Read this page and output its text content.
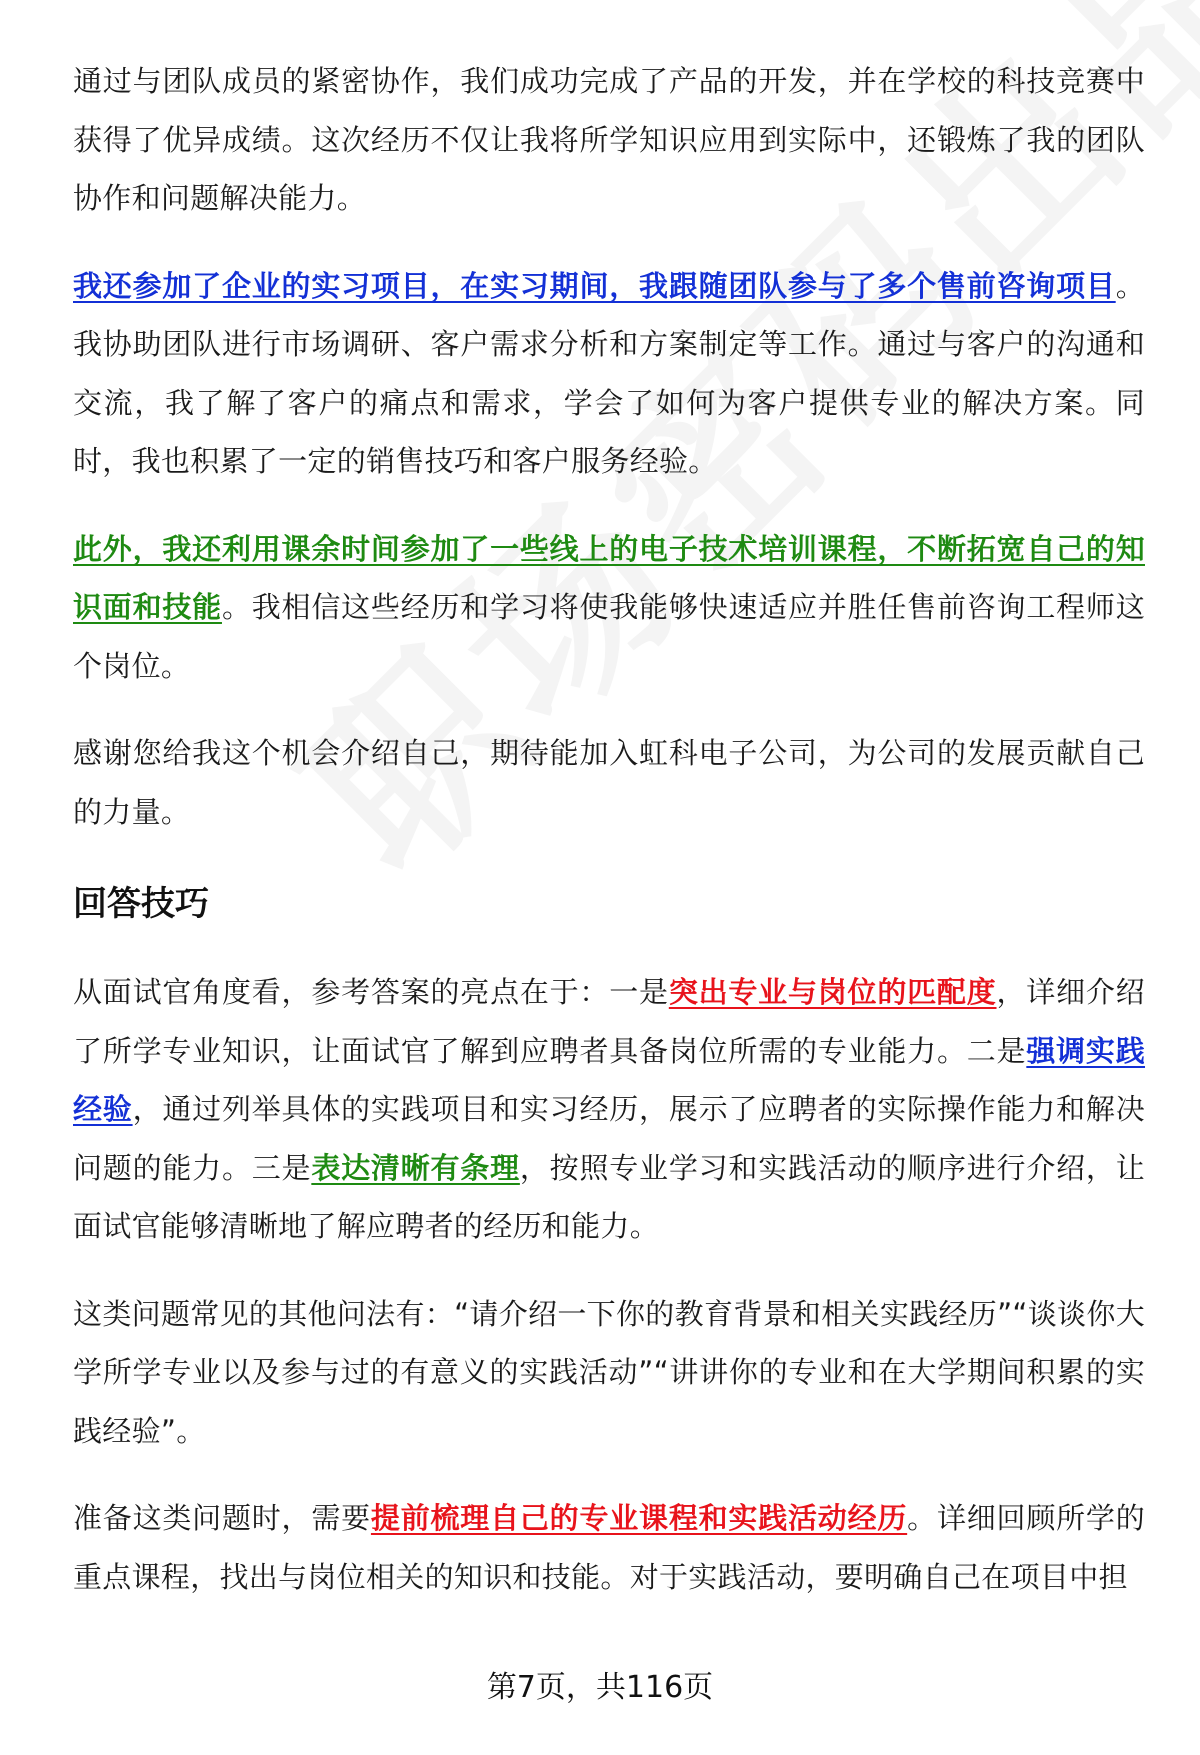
通过与团队成员的紧密协作，我们成功完成了产品的开发，并在学校的科技竞赛中获得了优异成绩。这次经历不仅让我将所学知识应用到实际中，还锻炼了我的团队协作和问题解决能力。

我还参加了企业的实习项目，在实习期间，我跟随团队参与了多个售前咨询项目。我协助团队进行市场调研、客户需求分析和方案制定等工作。通过与客户的沟通和交流，我了解了客户的痛点和需求，学会了如何为客户提供专业的解决方案。同时，我也积累了一定的销售技巧和客户服务经验。

此外，我还利用课余时间参加了一些线上的电子技术培训课程，不断拓宽自己的知识面和技能。我相信这些经历和学习将使我能够快速适应并胜任售前咨询工程师这个岗位。

感谢您给我这个机会介绍自己，期待能加入虹科电子公司，为公司的发展贡献自己的力量。

回答技巧

从面试官角度看，参考答案的亮点在于：一是突出专业与岗位的匹配度，详细介绍了所学专业知识，让面试官了解到应聘者具备岗位所需的专业能力。二是强调实践经验，通过列举具体的实践项目和实习经历，展示了应聘者的实际操作能力和解决问题的能力。三是表达清晰有条理，按照专业学习和实践活动的顺序进行介绍，让面试官能够清晰地了解应聘者的经历和能力。

这类问题常见的其他问法有：“请介绍一下你的教育背景和相关实践经历”“谈谈你大学所学专业以及参与过的有意义的实践活动”“讲讲你的专业和在大学期间积累的实践经验”。

准备这类问题时，需要提前梳理自己的专业课程和实践活动经历。详细回顾所学的重点课程，找出与岗位相关的知识和技能。对于实践活动，要明确自己在项目中担

第7页，共116页
